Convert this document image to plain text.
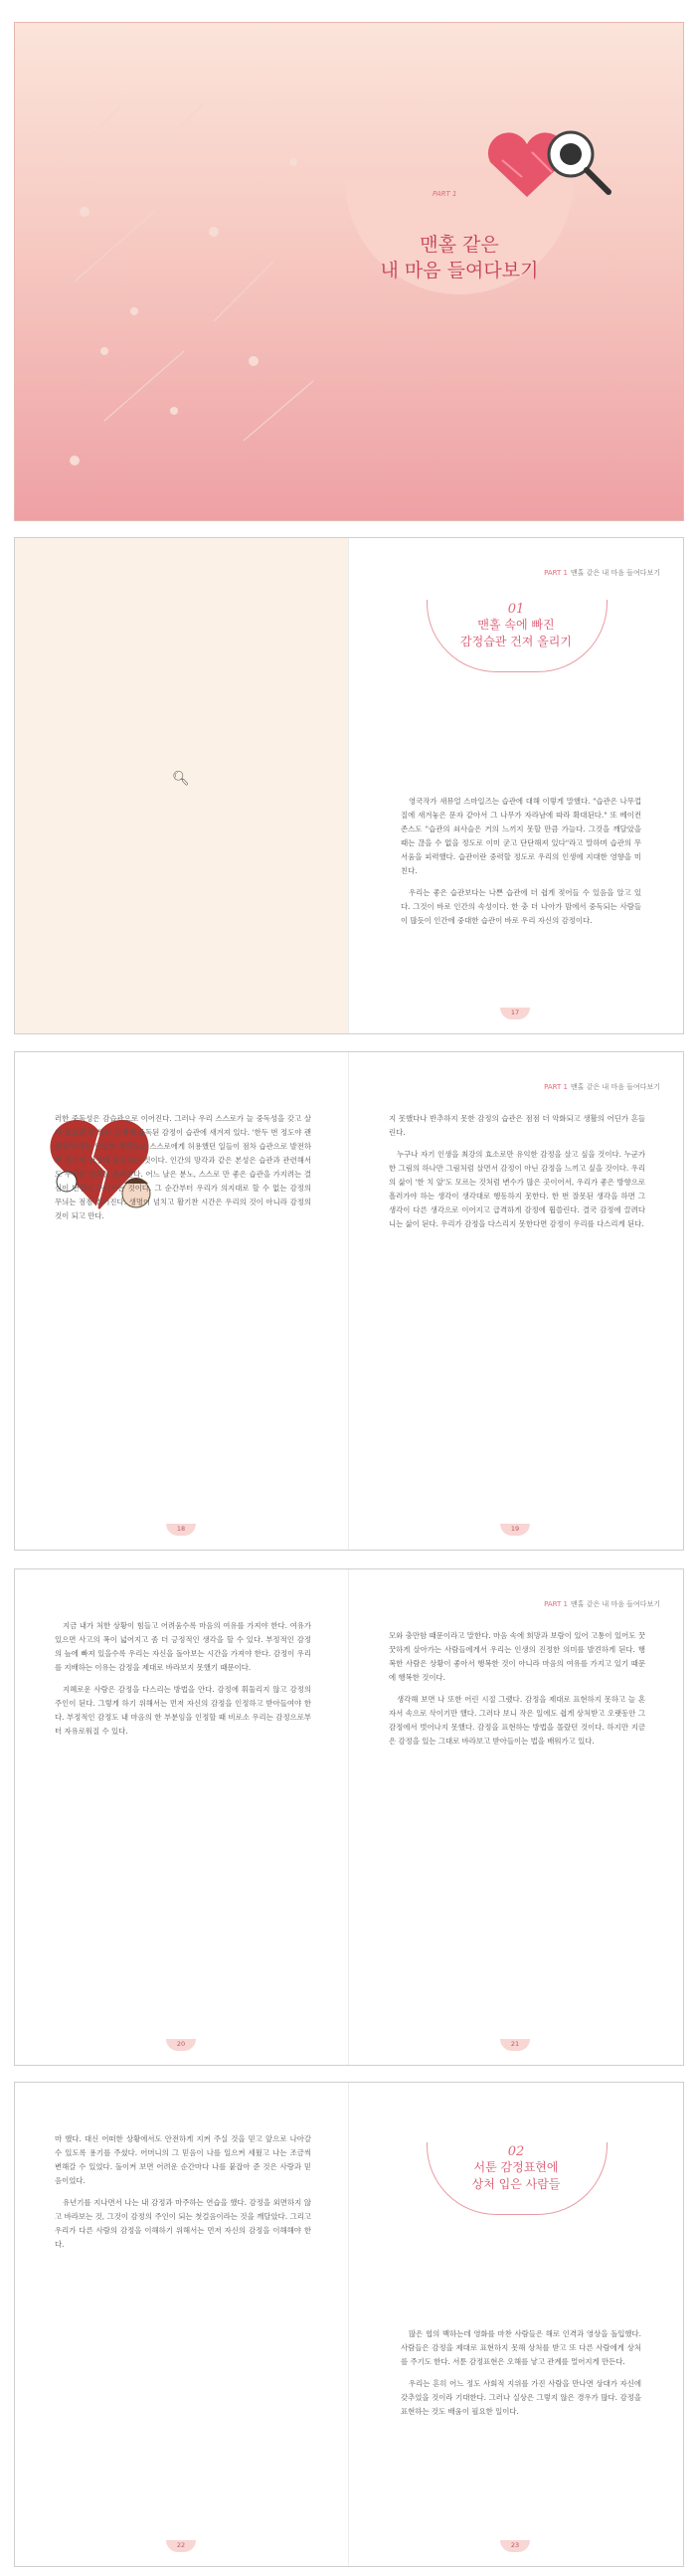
PART 1
맨홀 같은
내 마음 들여다보기
🔍︎
PART 1 맨홀 같은 내 마음 들여다보기
01
맨홀 속에 빠진
감정습관 건져 올리기

영국작가 새뮤얼 스마일즈는 습관에 대해 이렇게 말했다. "습관은 나무껍질에 새겨놓은 문자 같아서 그 나무가 자라남에 따라 확대된다." 또 베이컨 존스도 "습관의 쇠사슬은 거의 느끼지 못할 만큼 가늘다. 그것을 깨달았을 때는 끊을 수 없을 정도로 이미 굳고 단단해져 있다"라고 말하며 습관의 무서움을 피력했다. 습관이란 중력할 정도로 우리의 인생에 지대한 영향을 미친다.

우리는 좋은 습관보다는 나쁜 습관에 더 쉽게 젖어들 수 있음을 알고 있다. 그것이 바로 인간의 속성이다. 한 충 더 나아가 맘에서 중독되는 사람들이 많듯이 인간에 중대한 습관이 바로 우리 자신의 감정이다.

17

러한 중독성은 감습관으로 이어진다. 그러나 우리 스스로가 늘 중독성을 갖고 살지 않으면 안 되는 감정에 중독된 감정이 습관에 새겨져 있다. '한두 번 정도야 괜찮겠지'하는 안일한 생각으로 스스로에게 허용했던 일들이 점차 습관으로 발전하면 결국에 감정에 중독되는 것이다. 인간의 망각과 같은 본성은 습관과 관련해서도 무서운 결과를 초래한다. 어느 날은 분노, 스스로 만 좋은 습관을 가지려는 결심이 번번이 무너지는 것이다. 그 순간부터 우리가 의지대로 할 수 없는 감정의 무늬는 점점 짙어진다. 생명이 넘치고 활기찬 시간은 우리의 것이 아니라 감정의 것이 되고 만다.

18
PART 1 맨홀 같은 내 마음 들여다보기

지 못했다나 반추하지 못한 감정의 습관은 점점 더 악화되고 생활의 어딘가 흔들린다.

누구나 자기 인생을 최강의 효소로만 유익한 감정을 살고 싶을 것이다. 누군가 한 그림의 하나만 그림처럼 살면서 감정이 아닌 감정을 느끼고 싶을 것이다. 우리의 삶이 '한 치 앞'도 모르는 것처럼 변수가 많은 곳이어서, 우리가 좋은 방향으로 흘러가야 하는 생각이 생각대로 행동하지 못한다. 한 번 잘못된 생각을 하면 그 생각이 다른 생각으로 이어지고 급격하게 감정에 휩쓸린다. 결국 감정에 끌려다니는 삶이 된다. 우리가 감정을 다스리지 못한다면 감정이 우리를 다스리게 된다.

19

지금 내가 처한 상황이 힘들고 어려움수록 마음의 여유를 가져야 한다. 여유가 있으면 사고의 폭이 넓어지고 좀 더 긍정적인 생각을 할 수 있다. 부정적인 감정의 늪에 빠져 있을수록 우리는 자신을 돌아보는 시간을 가져야 한다. 감정이 우리를 지배하는 이유는 감정을 제대로 바라보지 못했기 때문이다.

지혜로운 사람은 감정을 다스리는 방법을 안다. 감정에 휘둘리지 않고 감정의 주인이 된다. 그렇게 하기 위해서는 먼저 자신의 감정을 인정하고 받아들여야 한다. 부정적인 감정도 내 마음의 한 부분임을 인정할 때 비로소 우리는 감정으로부터 자유로워질 수 있다.

20
PART 1 맨홀 같은 내 마음 들여다보기

모와 충만함 때문이라고 말한다. 마음 속에 희망과 보람이 있어 고통이 있어도 꿋꿋하게 살아가는 사람들에게서 우리는 인생의 진정한 의미를 발견하게 된다. 행복한 사람은 상황이 좋아서 행복한 것이 아니라 마음의 여유를 가지고 있기 때문에 행복한 것이다.

생각해 보면 나 또한 어린 시절 그랬다. 감정을 제대로 표현하지 못하고 늘 혼자서 속으로 삭이기만 했다. 그러다 보니 작은 일에도 쉽게 상처받고 오랫동안 그 감정에서 벗어나지 못했다. 감정을 표현하는 방법을 몰랐던 것이다. 하지만 지금은 감정을 있는 그대로 바라보고 받아들이는 법을 배워가고 있다.

21

마 했다. 대신 어떠한 상황에서도 안전하게 지켜 주실 것을 믿고 앞으로 나아갈 수 있도록 용기를 주셨다. 어머니의 그 믿음이 나를 일으켜 세웠고 나는 조금씩 변해갈 수 있었다. 돌이켜 보면 어려운 순간마다 나를 붙잡아 준 것은 사랑과 믿음이었다.

유년기를 지나면서 나는 내 감정과 마주하는 연습을 했다. 감정을 외면하지 않고 바라보는 것, 그것이 감정의 주인이 되는 첫걸음이라는 것을 깨달았다. 그리고 우리가 다른 사람의 감정을 이해하기 위해서는 먼저 자신의 감정을 이해해야 한다.

22
02
서툰 감정표현에
상처 입은 사람들

많은 협의 백하는데 영화를 마찬 사람들은 해로 인격과 영상을 돌입했다. 사람들은 감정을 제대로 표현하지 못해 상처를 받고 또 다른 사람에게 상처를 주기도 한다. 서툰 감정표현은 오해를 낳고 관계를 멀어지게 만든다.

우리는 흔히 어느 정도 사회적 지위를 가진 사람을 만나면 상대가 자신에 갖추었을 것이라 기대한다. 그러나 실상은 그렇지 않은 경우가 많다. 감정을 표현하는 것도 배움이 필요한 일이다.

23
